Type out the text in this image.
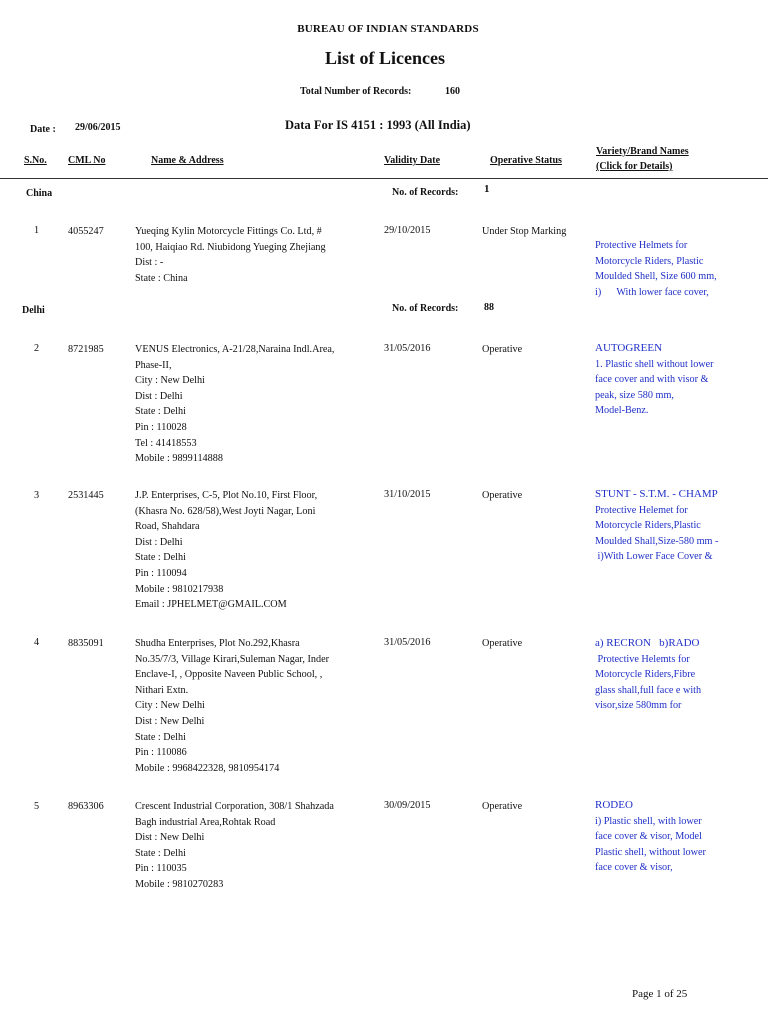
BUREAU OF INDIAN STANDARDS
List of Licences
Total Number of Records:	160
Date : 29/06/2015	Data For IS 4151 : 1993 (All India)
S.No. CML No	Name & Address	Validity Date	Operative Status
Variety/Brand Names
(Click for Details)
China	No. of Records: 1
1	4055247	Yueqing Kylin Motorcycle Fittings Co. Ltd, #
100, Haiqiao Rd. Niubidong Yueging Zhejiang
Dist : -
State : China
29/10/2015	Under Stop Marking
Protective Helmets for
Motorcycle Riders, Plastic
Moulded Shell, Size 600 mm,
i)      With lower face cover,
Delhi	No. of Records:	88
2	8721985	VENUS Electronics, A-21/28,Naraina Indl.Area,
Phase-II,
City : New Delhi
Dist : Delhi
State : Delhi
Pin : 110028
Tel : 41418553
Mobile : 9899114888
31/05/2016	Operative	AUTOGREEN
1. Plastic shell without lower
face cover and with visor &
peak, size 580 mm,
Model-Benz.
3	2531445	J.P. Enterprises, C-5, Plot No.10, First Floor,
(Khasra No. 628/58),West Joyti Nagar, Loni
Road, Shahdara
Dist : Delhi
State : Delhi
Pin : 110094
Mobile : 9810217938
Email : JPHELMET@GMAIL.COM
31/10/2015	Operative	STUNT - S.T.M. - CHAMP
Protective Helemet for
Motorcycle Riders,Plastic
Moulded Shall,Size-580 mm -
i)With Lower Face Cover &
4	8835091	Shudha Enterprises, Plot No.292,Khasra
No.35/7/3, Village Kirari,Suleman Nagar, Inder
Enclave-I, , Opposite Naveen Public School, ,
Nithari Extn.
City : New Delhi
Dist : New Delhi
State : Delhi
Pin : 110086
Mobile : 9968422328, 9810954174
31/05/2016	Operative	a) RECRON   b)RADO
Protective Helemts for
Motorcycle Riders,Fibre
glass shall,full face e with
visor,size 580mm for
5	8963306	Crescent Industrial Corporation, 308/1 Shahzada
Bagh industrial Area,Rohtak Road
Dist : New Delhi
State : Delhi
Pin : 110035
Mobile : 9810270283
30/09/2015	Operative	RODEO
i) Plastic shell, with lower
face cover & visor, Model
Plastic shell, without lower
face cover & visor,
Page 1 of 25
